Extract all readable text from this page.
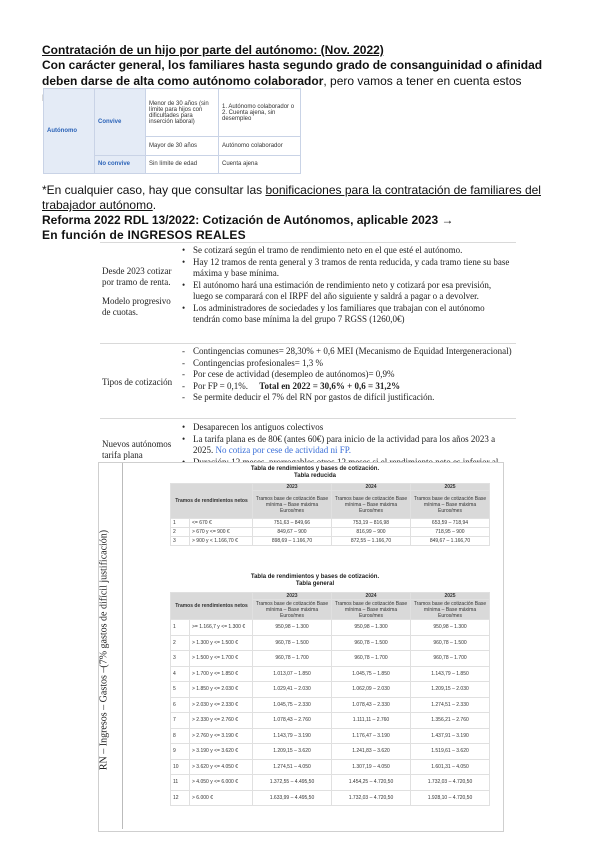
Contratación de un hijo por parte del autónomo: (Nov. 2022)
Con carácter general, los familiares hasta segundo grado de consanguinidad o afinidad deben darse de alta como autónomo colaborador, pero vamos a tener en cuenta estos
Autónomo	Convive	Menor de 30 años (sin límite para hijos con dificultades para inserción laboral)	1. Autónomo colaborador o
2. Cuenta ajena, sin desempleo

		Mayor de 30 años	Autónomo colaborador
	No convive	Sin límite de edad	Cuenta ajena
*En cualquier caso, hay que consultar las bonificaciones para la contratación de familiares del trabajador autónomo.
Reforma 2022 RDL 13/2022: Cotización de Autónomos, aplicable 2023 →
En función de INGRESOS REALES
Desde 2023 cotizar por tramo de renta.
Modelo progresivo de cuotas.
• Se cotizará según el tramo de rendimiento neto en el que esté el autónomo.
• Hay 12 tramos de renta general y 3 tramos de renta reducida, y cada tramo tiene su base máxima y base mínima.
• El autónomo hará una estimación de rendimiento neto y cotizará por esa previsión, luego se comparará con el IRPF del año siguiente y saldrá a pagar o a devolver.
• Los administradores de sociedades y los familiares que trabajan con el autónomo tendrán como base mínima la del grupo 7 RGSS (1260,0€)
Tipos de cotización
- Contingencias comunes= 28,30% + 0,6 MEI (Mecanismo de Equidad Intergeneracional)
- Contingencias profesionales= 1,3 %
- Por cese de actividad (desempleo de autónomos)= 0,9%
- Por FP = 0,1%. Total en 2022 = 30,6% + 0,6 = 31,2%
- Se permite deducir el 7% del RN por gastos de difícil justificación.
Nuevos autónomos tarifa plana
• Desaparecen los antiguos colectivos
• La tarifa plana es de 80€ (antes 60€) para inicio de la actividad para los años 2023 a 2025. No cotiza por cese de actividad ni FP.
•
RN – Ingresos – Gastos –(7% gastos de difícil justificación)
Tabla de rendimientos y bases de cotización.
Tabla reducida
Tramos de rendimientos netos		2023	2024	2025
		Tramos base de cotización Base mínima – Base máxima Euros/mes	Tramos base de cotización Base mínima – Base máxima Euros/mes	Tramos base de cotización Base mínima – Base máxima Euros/mes
1	<= 670 €	751,63 – 849,66	753,19 – 816,98	653,59 – 718,94
2	> 670 y <= 900 €	849,67 – 900	816,99 – 900	718,95 – 900
3	> 900 y < 1.166,70 €	898,69 – 1.166,70	872,55 – 1.166,70	849,67 – 1.166,70
Tabla de rendimientos y bases de cotización.
Tabla general
Tramos de rendimientos netos		2023	2024	2025
		Tramos base de cotización Base mínima – Base máxima Euros/mes	Tramos base de cotización Base mínima – Base máxima Euros/mes	Tramos base de cotización Base mínima – Base máxima Euros/mes
1	>= 1.166,7 y <= 1.300 €	950,98 – 1.300	950,98 – 1.300	950,98 – 1.300
2	> 1.300 y <= 1.500 €	960,78 – 1.500	960,78 – 1.500	960,78 – 1.500
3	> 1.500 y <= 1.700 €	960,78 – 1.700	960,78 – 1.700	960,78 – 1.700
4	> 1.700 y <= 1.850 €	1.013,07 – 1.850	1.045,75 – 1.850	1.143,79 – 1.850
5	> 1.850 y <= 2.030 €	1.029,41 – 2.030	1.062,09 – 2.030	1.209,15 – 2.030
6	> 2.030 y <= 2.330 €	1.045,75 – 2.330	1.078,43 – 2.330	1.274,51 – 2.330
7	> 2.330 y <= 2.760 €	1.078,43 – 2.760	1.111,11 – 2.760	1.356,21 – 2.760
8	> 2.760 y <= 3.190 €	1.143,79 – 3.190	1.176,47 – 3.190	1.437,91 – 3.190
9	> 3.190 y <= 3.620 €	1.209,15 – 3.620	1.241,83 – 3.620	1.519,61 – 3.620
10	> 3.620 y <= 4.050 €	1.274,51 – 4.050	1.307,19 – 4.050	1.601,31 – 4.050
11	> 4.050 y <= 6.000 €	1.372,55 – 4.495,50	1.454,25 – 4.720,50	1.732,03 – 4.720,50
12	> 6.000 €	1.633,99 – 4.495,50	1.732,03 – 4.720,50	1.928,10 – 4.720,50
